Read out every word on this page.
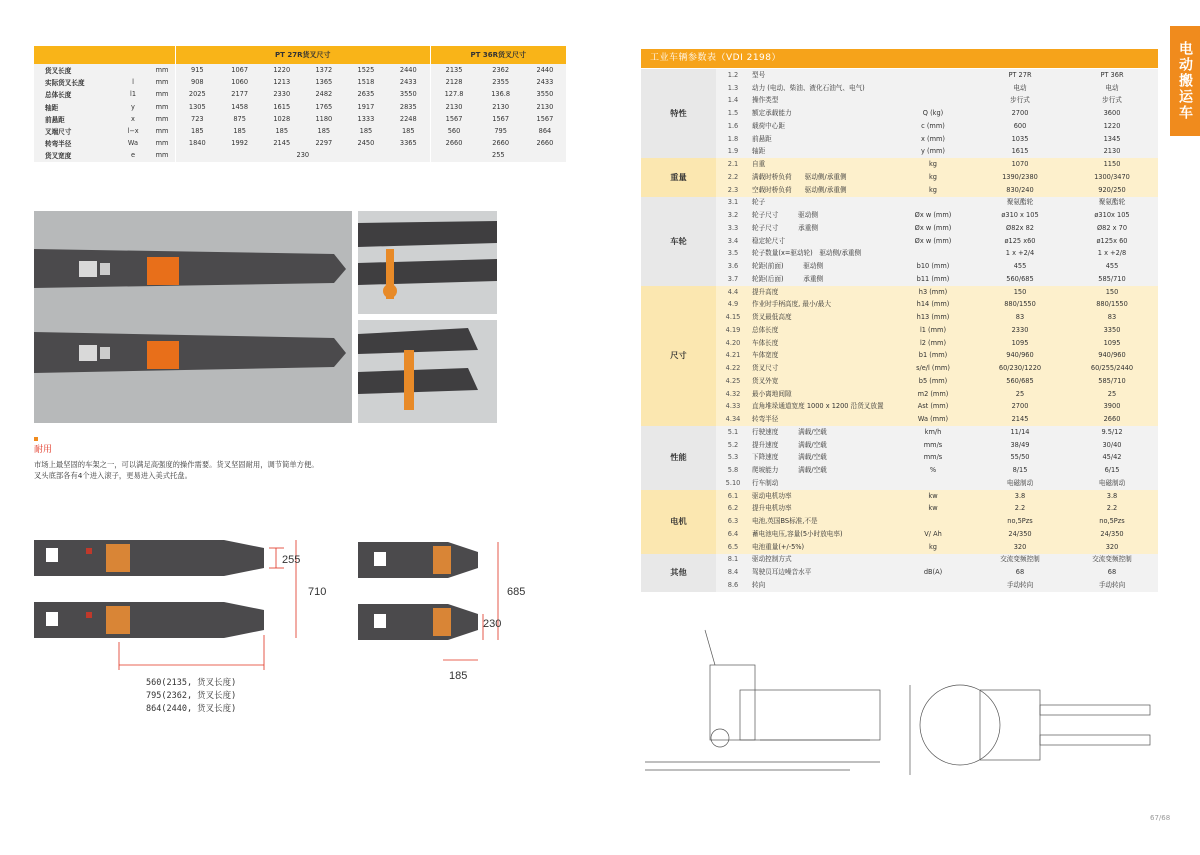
			PT 27R货叉尺寸						PT 36R货叉尺寸		
货叉长度		mm	915	1067	1220	1372	1525	2440	2135	2362	2440
实际货叉长度	l	mm	908	1060	1213	1365	1518	2433	2128	2355	2433
总体长度	l1	mm	2025	2177	2330	2482	2635	3550	127.8	136.8	3550
轴距	y	mm	1305	1458	1615	1765	1917	2835	2130	2130	2130
前悬距	x	mm	723	875	1028	1180	1333	2248	1567	1567	1567
叉端尺寸	l−x	mm	185	185	185	185	185	185	560	795	864
转弯半径	Wa	mm	1840	1992	2145	2297	2450	3365	2660	2660	2660
货叉宽度	e	mm	230						255		
耐用
市场上最坚固的车架之一，可以满足高强度的操作需要。货叉坚固耐用，调节简单方便。
叉头底部各有4个进入滚子，更易进入美式托盘。
255
710
560(2135, 货叉长度)
795(2362, 货叉长度)
864(2440, 货叉长度)
685
230
185
工业车辆参数表（VDI 2198）
特性	1.2	型号		PT 27R	PT 36R
	1.3	动力 (电动、柴油、液化石油气、电气)		电动	电动
	1.4	操作类型		步行式	步行式
	1.5	额定承载能力	Q (kg)	2700	3600
	1.6	载荷中心距	c (mm)	600	1220
	1.8	前悬距	x (mm)	1035	1345
	1.9	轴距	y (mm)	1615	2130
重量	2.1	自重	kg	1070	1150
	2.2	满载时桥负荷　　驱动侧/承重侧	kg	1390/2380	1300/3470
	2.3	空载时桥负荷　　驱动侧/承重侧	kg	830/240	920/250
车轮	3.1	轮子		聚氨酯轮	聚氨酯轮
	3.2	轮子尺寸　　　驱动侧	Øx w (mm)	ø310 x 105	ø310x 105
	3.3	轮子尺寸　　　承重侧	Øx w (mm)	Ø82x 82	Ø82 x 70
	3.4	稳定轮尺寸	Øx w (mm)	ø125 x60	ø125x 60
	3.5	轮子数量(x=驱动轮)　驱动侧/承重侧		1 x +2/4	1 x +2/8
	3.6	轮距(前面)　　　驱动侧	b10 (mm)	455	455
	3.7	轮距(后面)　　　承重侧	b11 (mm)	560/685	585/710
尺寸	4.4	提升高度	h3 (mm)	150	150
	4.9	作业时手柄高度, 最小/最大	h14 (mm)	880/1550	880/1550
	4.15	货叉最低高度	h13 (mm)	83	83
	4.19	总体长度	l1 (mm)	2330	3350
	4.20	车体长度	l2 (mm)	1095	1095
	4.21	车体宽度	b1 (mm)	940/960	940/960
	4.22	货叉尺寸	s/e/l (mm)	60/230/1220	60/255/2440
	4.25	货叉外宽	b5 (mm)	560/685	585/710
	4.32	最小离地间隙	m2 (mm)	25	25
	4.33	直角堆垛通道宽度 1000 x 1200 沿货叉放置	Ast (mm)	2700	3900
	4.34	转弯半径	Wa (mm)	2145	2660
性能	5.1	行驶速度　　　满载/空载	km/h	11/14	9.5/12
	5.2	提升速度　　　满载/空载	mm/s	38/49	30/40
	5.3	下降速度　　　满载/空载	mm/s	55/50	45/42
	5.8	爬坡能力　　　满载/空载	%	8/15	6/15
	5.10	行车制动		电磁制动	电磁制动
电机	6.1	驱动电机功率	kw	3.8	3.8
	6.2	提升电机功率	kw	2.2	2.2
	6.3	电池,英国BS标准,不是		no,5Pzs	no,5Pzs
	6.4	蓄电池电压,容量(5小时放电率)	V/ Ah	24/350	24/350
	6.5	电池重量(+/-5%)	kg	320	320
其他	8.1	驱动控制方式		交流变频控制	交流变频控制
	8.4	驾驶员耳边噪音水平	dB(A)	68	68
	8.6	转向		手动转向	手动转向
电动搬运车
67/68
